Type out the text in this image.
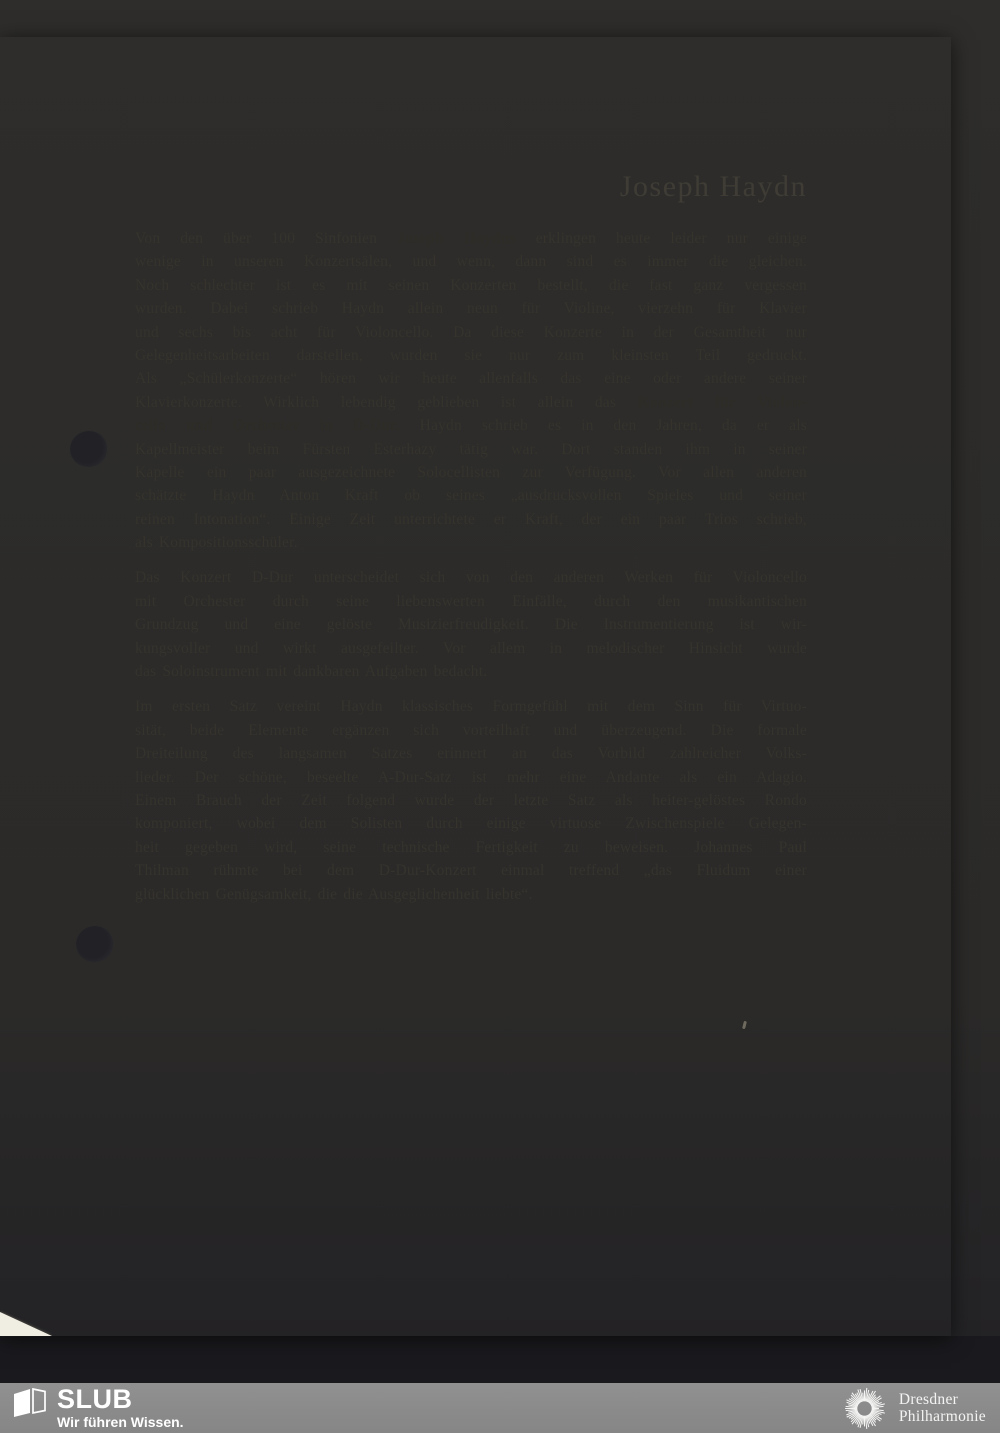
Joseph Haydn
Von den über 100 Sinfonien Joseph Haydns erklingen heute leider nur einige
wenige in unseren Konzertsälen, und wenn, dann sind es immer die gleichen.
Noch schlechter ist es mit seinen Konzerten bestellt, die fast ganz vergessen
wurden. Dabei schrieb Haydn allein neun für Violine, vierzehn für Klavier
und sechs bis acht für Violoncello. Da diese Konzerte in der Gesamtheit nur
Gelegenheitsarbeiten darstellen, wurden sie nur zum kleinsten Teil gedruckt.
Als „Schülerkonzerte“ hören wir heute allenfalls das eine oder andere seiner
Klavierkonzerte. Wirklich lebendig geblieben ist allein das Konzert für Violon-
cello und Orchester in D-Dur. Haydn schrieb es in den Jahren, da er als
Kapellmeister beim Fürsten Esterhazy tätig war. Dort standen ihm in seiner
Kapelle ein paar ausgezeichnete Solocellisten zur Verfügung. Vor allen anderen
schätzte Haydn Anton Kraft ob seines „ausdrucksvollen Spieles und seiner
reinen Intonation“. Einige Zeit unterrichtete er Kraft, der ein paar Trios schrieb,
als Kompositionsschüler.
Das Konzert D-Dur unterscheidet sich von den anderen Werken für Violoncello
mit Orchester durch seine liebenswerten Einfälle, durch den musikantischen
Grundzug und eine gelöste Musizierfreudigkeit. Die Instrumentierung ist wir-
kungsvoller und wirkt ausgefeilter. Vor allem in melodischer Hinsicht wurde
das Soloinstrument mit dankbaren Aufgaben bedacht.
Im ersten Satz vereint Haydn klassisches Formgefühl mit dem Sinn für Virtuo-
sität, beide Elemente ergänzen sich vorteilhaft und überzeugend. Die formale
Dreiteilung des langsamen Satzes erinnert an das Vorbild zahlreicher Volks-
lieder. Der schöne, beseelte A-Dur-Satz ist mehr eine Andante als ein Adagio.
Einem Brauch der Zeit folgend wurde der letzte Satz als heiter-gelöstes Rondo
komponiert, wobei dem Solisten durch einige virtuose Zwischenspiele Gelegen-
heit gegeben wird, seine technische Fertigkeit zu beweisen. Johannes Paul
Thilman rühmte bei dem D-Dur-Konzert einmal treffend „das Fluidum einer
glücklichen Genügsamkeit, die die Ausgeglichenheit liebte“.
SLUB
Wir führen Wissen.
Dresdner
Philharmonie
